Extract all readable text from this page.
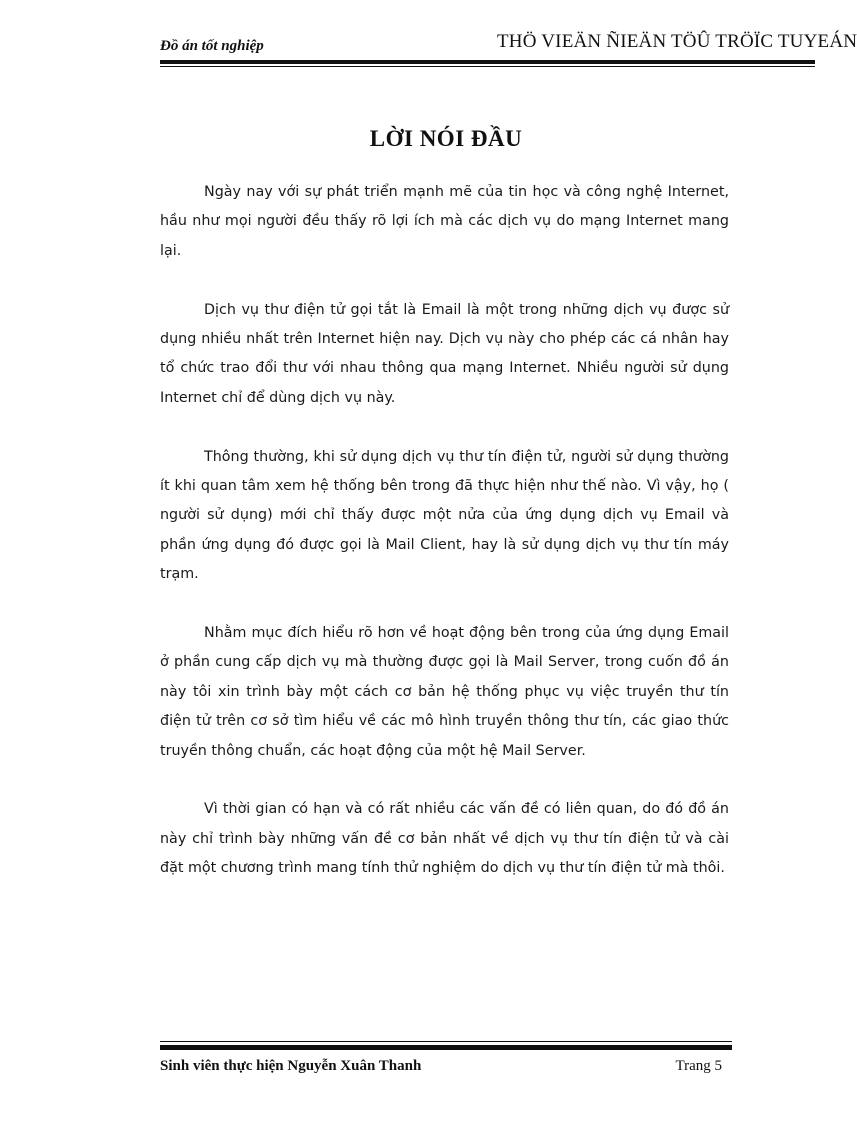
Đồ án tốt nghiệp	THÖ VIEÄN ÑIEÄN TÖÛ TRÖÏC TUYEÁN
LỜI NÓI ĐẦU

Ngày nay với sự phát triển mạnh mẽ của tin học và công nghệ Internet, hầu như mọi người đều thấy rõ lợi ích mà các dịch vụ do mạng Internet mang lại.

Dịch vụ thư điện tử gọi tắt là Email là một trong những dịch vụ được sử dụng nhiều nhất trên Internet hiện nay. Dịch vụ này cho phép các cá nhân hay tổ chức trao đổi thư với nhau thông qua mạng Internet. Nhiều người sử dụng Internet chỉ để dùng dịch vụ này.

Thông thường, khi sử dụng dịch vụ thư tín điện tử, người sử dụng thường ít khi quan tâm xem hệ thống bên trong đã thực hiện như thế nào. Vì vậy, họ ( người sử dụng) mới chỉ thấy được một nửa của ứng dụng dịch vụ Email và phần ứng dụng đó được gọi là Mail Client, hay là sử dụng dịch vụ thư tín máy trạm.

Nhằm mục đích hiểu rõ hơn về hoạt động bên trong của ứng dụng Email ở phần cung cấp dịch vụ mà thường được gọi là Mail Server, trong cuốn đồ án này tôi xin trình bày một cách cơ bản hệ thống phục vụ việc truyền thư tín điện tử trên cơ sở tìm hiểu về các mô hình truyền thông thư tín, các giao thức truyền thông chuẩn, các hoạt động của một hệ Mail Server.

Vì thời gian có hạn và có rất nhiều các vấn đề có liên quan, do đó đồ án này chỉ trình bày những vấn đề cơ bản nhất về dịch vụ thư tín điện tử và cài đặt một chương trình mang tính thử nghiệm do dịch vụ thư tín điện tử mà thôi.

Sinh viên thực hiện Nguyễn Xuân Thanh	Trang 5
